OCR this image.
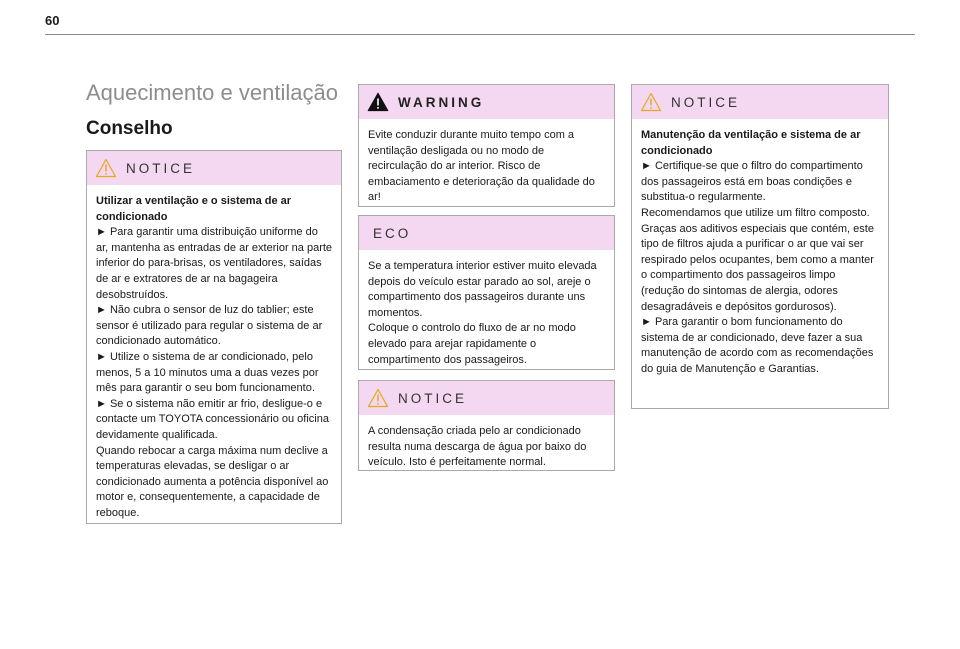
60
Aquecimento e ventilação
Conselho
NOTICE

Utilizar a ventilação e o sistema de ar condicionado

► Para garantir uma distribuição uniforme do ar, mantenha as entradas de ar exterior na parte inferior do para-brisas, os ventiladores, saídas de ar e extratores de ar na bagageira desobstruídos.

► Não cubra o sensor de luz do tablier; este sensor é utilizado para regular o sistema de ar condicionado automático.

► Utilize o sistema de ar condicionado, pelo menos, 5 a 10 minutos uma a duas vezes por mês para garantir o seu bom funcionamento.

► Se o sistema não emitir ar frio, desligue-o e contacte um TOYOTA concessionário ou oficina devidamente qualificada.

Quando rebocar a carga máxima num declive a temperaturas elevadas, se desligar o ar condicionado aumenta a potência disponível ao motor e, consequentemente, a capacidade de reboque.

WARNING

Evite conduzir durante muito tempo com a ventilação desligada ou no modo de recirculação do ar interior. Risco de embaciamento e deterioração da qualidade do ar!

ECO

Se a temperatura interior estiver muito elevada depois do veículo estar parado ao sol, areje o compartimento dos passageiros durante uns momentos.

Coloque o controlo do fluxo de ar no modo elevado para arejar rapidamente o compartimento dos passageiros.

NOTICE

A condensação criada pelo ar condicionado resulta numa descarga de água por baixo do veículo. Isto é perfeitamente normal.

NOTICE

Manutenção da ventilação e sistema de ar condicionado

► Certifique-se que o filtro do compartimento dos passageiros está em boas condições e substitua-o regularmente.

Recomendamos que utilize um filtro composto. Graças aos aditivos especiais que contém, este tipo de filtros ajuda a purificar o ar que vai ser respirado pelos ocupantes, bem como a manter o compartimento dos passageiros limpo (redução do sintomas de alergia, odores desagradáveis e depósitos gordurosos).

► Para garantir o bom funcionamento do sistema de ar condicionado, deve fazer a sua manutenção de acordo com as recomendações do guia de Manutenção e Garantias.
